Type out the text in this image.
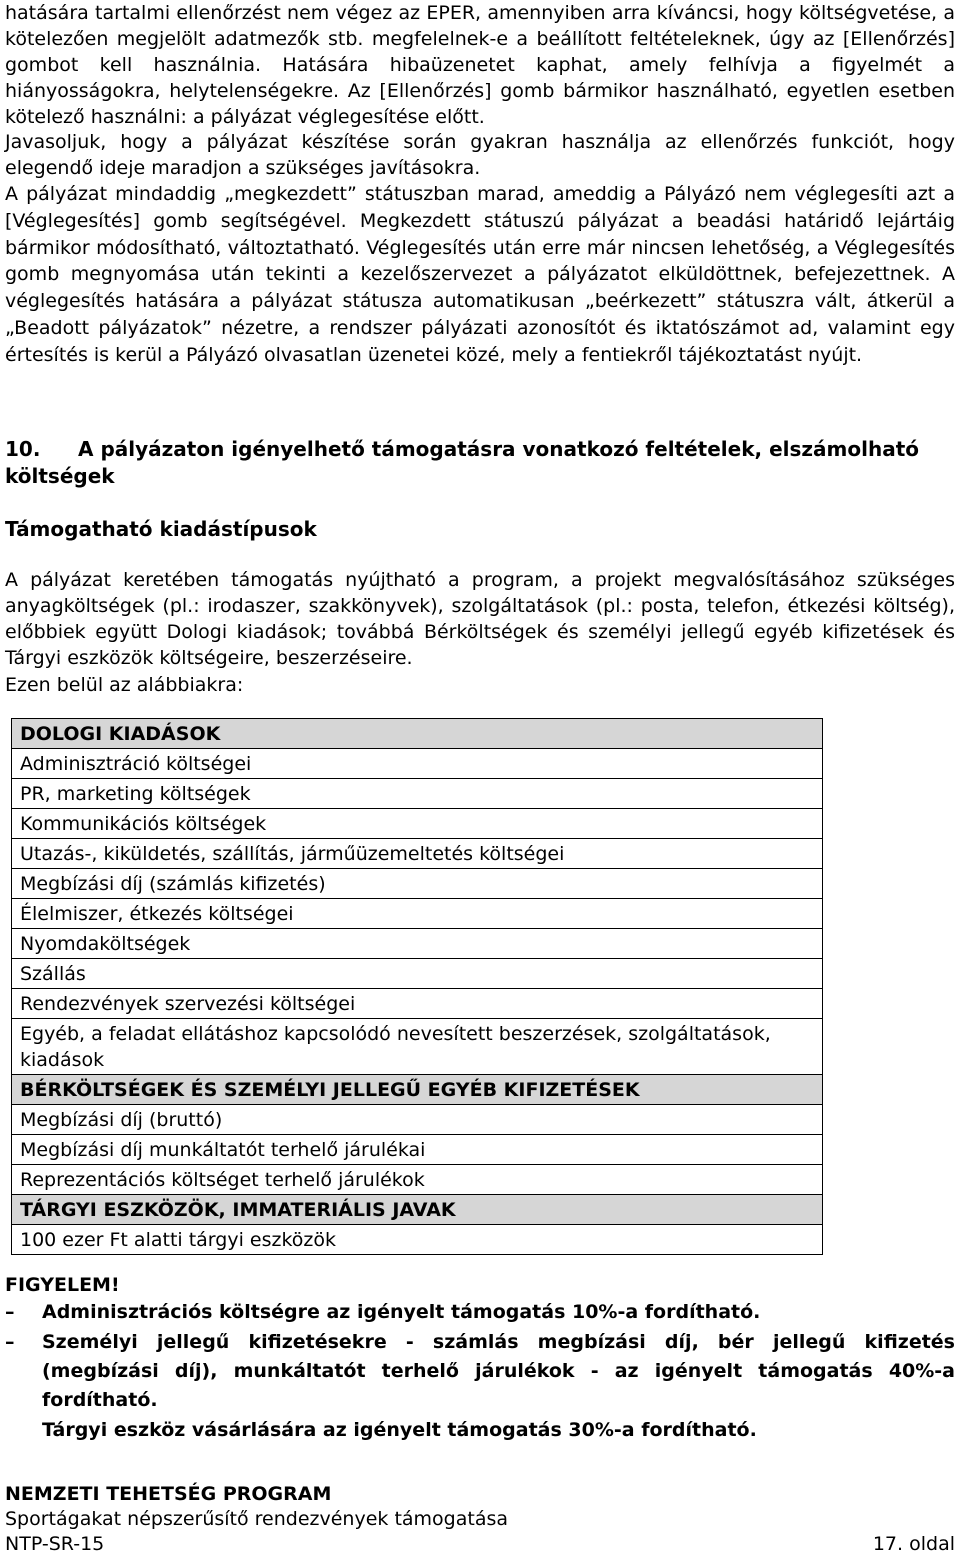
hatására tartalmi ellenőrzést nem végez az EPER, amennyiben arra kíváncsi, hogy költségvetése, a kötelezően megjelölt adatmezők stb. megfelelnek-e a beállított feltételeknek, úgy az [Ellenőrzés] gombot kell használnia. Hatására hibaüzenetet kaphat, amely felhívja a figyelmét a hiányosságokra, helytelenségekre. Az [Ellenőrzés] gomb bármikor használható, egyetlen esetben kötelező használni: a pályázat véglegesítése előtt.

Javasoljuk, hogy a pályázat készítése során gyakran használja az ellenőrzés funkciót, hogy elegendő ideje maradjon a szükséges javításokra.

A pályázat mindaddig „megkezdett” státuszban marad, ameddig a Pályázó nem véglegesíti azt a [Véglegesítés] gomb segítségével. Megkezdett státuszú pályázat a beadási határidő lejártáig bármikor módosítható, változtatható. Véglegesítés után erre már nincsen lehetőség, a Véglegesítés gomb megnyomása után tekinti a kezelőszervezet a pályázatot elküldöttnek, befejezettnek. A véglegesítés hatására a pályázat státusza automatikusan „beérkezett” státuszra vált, átkerül a „Beadott pályázatok” nézetre, a rendszer pályázati azonosítót és iktatószámot ad, valamint egy értesítés is kerül a Pályázó olvasatlan üzenetei közé, mely a fentiekről tájékoztatást nyújt.

10. A pályázaton igényelhető támogatásra vonatkozó feltételek, elszámolható költségek
Támogatható kiadástípusok

A pályázat keretében támogatás nyújtható a program, a projekt megvalósításához szükséges anyagköltségek (pl.: irodaszer, szakkönyvek), szolgáltatások (pl.: posta, telefon, étkezési költség), előbbiek együtt Dologi kiadások; továbbá Bérköltségek és személyi jellegű egyéb kifizetések és Tárgyi eszközök költségeire, beszerzéseire.

Ezen belül az alábbiakra:

DOLOGI KIADÁSOK
Adminisztráció költségei
PR, marketing költségek
Kommunikációs költségek
Utazás-, kiküldetés, szállítás, járműüzemeltetés költségei
Megbízási díj (számlás kifizetés)
Élelmiszer, étkezés költségei
Nyomdaköltségek
Szállás
Rendezvények szervezési költségei
Egyéb, a feladat ellátáshoz kapcsolódó nevesített beszerzések, szolgáltatások, kiadások
BÉRKÖLTSÉGEK ÉS SZEMÉLYI JELLEGŰ EGYÉB KIFIZETÉSEK
Megbízási díj (bruttó)
Megbízási díj munkáltatót terhelő járulékai
Reprezentációs költséget terhelő járulékok
TÁRGYI ESZKÖZÖK, IMMATERIÁLIS JAVAK
100 ezer Ft alatti tárgyi eszközök

FIGYELEM!

– Adminisztrációs költségre az igényelt támogatás 10%-a fordítható.
– Személyi jellegű kifizetésekre - számlás megbízási díj, bér jellegű kifizetés (megbízási díj), munkáltatót terhelő járulékok - az igényelt támogatás 40%-a fordítható.
Tárgyi eszköz vásárlására az igényelt támogatás 30%-a fordítható.

NEMZETI TEHETSÉG PROGRAM

Sportágakat népszerűsítő rendezvények támogatása

NTP-SR-15	17. oldal
